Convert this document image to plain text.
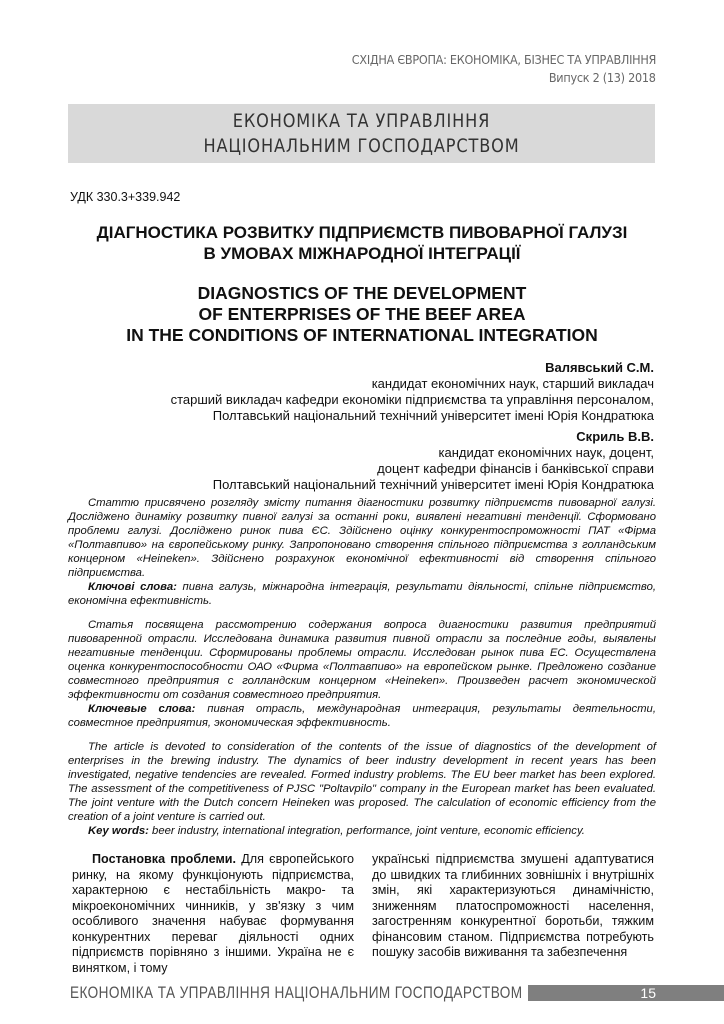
СХІДНА ЄВРОПА: ЕКОНОМІКА, БІЗНЕС ТА УПРАВЛІННЯ
Випуск 2 (13) 2018
ЕКОНОМІКА ТА УПРАВЛІННЯ
НАЦІОНАЛЬНИМ ГОСПОДАРСТВОМ
УДК 330.3+339.942
ДІАГНОСТИКА РОЗВИТКУ ПІДПРИЄМСТВ ПИВОВАРНОЇ ГАЛУЗІ
В УМОВАХ МІЖНАРОДНОЇ ІНТЕГРАЦІЇ
DIAGNOSTICS OF THE DEVELOPMENT
OF ENTERPRISES OF THE BEEF AREA
IN THE CONDITIONS OF INTERNATIONAL INTEGRATION
Валявський С.М.
кандидат економічних наук, старший викладач
старший викладач кафедри економіки підприємства та управління персоналом,
Полтавський національний технічний університет імені Юрія Кондратюка
Скриль В.В.
кандидат економічних наук, доцент,
доцент кафедри фінансів і банківської справи
Полтавський національний технічний університет імені Юрія Кондратюка

Статтю присвячено розгляду змісту питання діагностики розвитку підприємств пивоварної галузі. Досліджено динаміку розвитку пивної галузі за останні роки, виявлені негативні тенденції. Сформовано проблеми галузі. Досліджено ринок пива ЄС. Здійснено оцінку конкурентоспроможності ПАТ «Фірма «Полтавпиво» на європейському ринку. Запропоновано створення спільного підприємства з голландським концерном «Heineken». Здійснено розрахунок економічної ефективності від створення спільного підприємства.

Ключові слова: пивна галузь, міжнародна інтеграція, результати діяльності, спільне підприємство, економічна ефективність.

Статья посвящена рассмотрению содержания вопроса диагностики развития предприятий пивоваренной отрасли. Исследована динамика развития пивной отрасли за последние годы, выявлены негативные тенденции. Сформированы проблемы отрасли. Исследован рынок пива ЕС. Осуществлена оценка конкурентоспособности ОАО «Фирма «Полтавпиво» на европейском рынке. Предложено создание совместного предприятия с голландским концерном «Heineken». Произведен расчет экономической эффективности от создания совместного предприятия.

Ключевые слова: пивная отрасль, международная интеграция, результаты деятельности, совместное предприятия, экономическая эффективность.

The article is devoted to consideration of the contents of the issue of diagnostics of the development of enterprises in the brewing industry. The dynamics of beer industry development in recent years has been investigated, negative tendencies are revealed. Formed industry problems. The EU beer market has been explored. The assessment of the competitiveness of PJSC "Poltavpilo" company in the European market has been evaluated. The joint venture with the Dutch concern Heineken was proposed. The calculation of economic efficiency from the creation of a joint venture is carried out.

Key words: beer industry, international integration, performance, joint venture, economic efficiency.

Постановка проблеми. Для європейського ринку, на якому функціонують підприємства, характерною є нестабільність макро- та мікроекономічних чинників, у зв'язку з чим особливого значення набуває формування конкурентних переваг діяльності одних підприємств порівняно з іншими. Україна не є винятком, і тому

українські підприємства змушені адаптуватися до швидких та глибинних зовнішніх і внутрішніх змін, які характеризуються динамічністю, зниженням платоспроможності населення, загостренням конкурентної боротьби, тяжким фінансовим станом. Підприємства потребують пошуку засобів виживання та забезпечення

ЕКОНОМІКА ТА УПРАВЛІННЯ НАЦІОНАЛЬНИМ ГОСПОДАРСТВОМ	15
